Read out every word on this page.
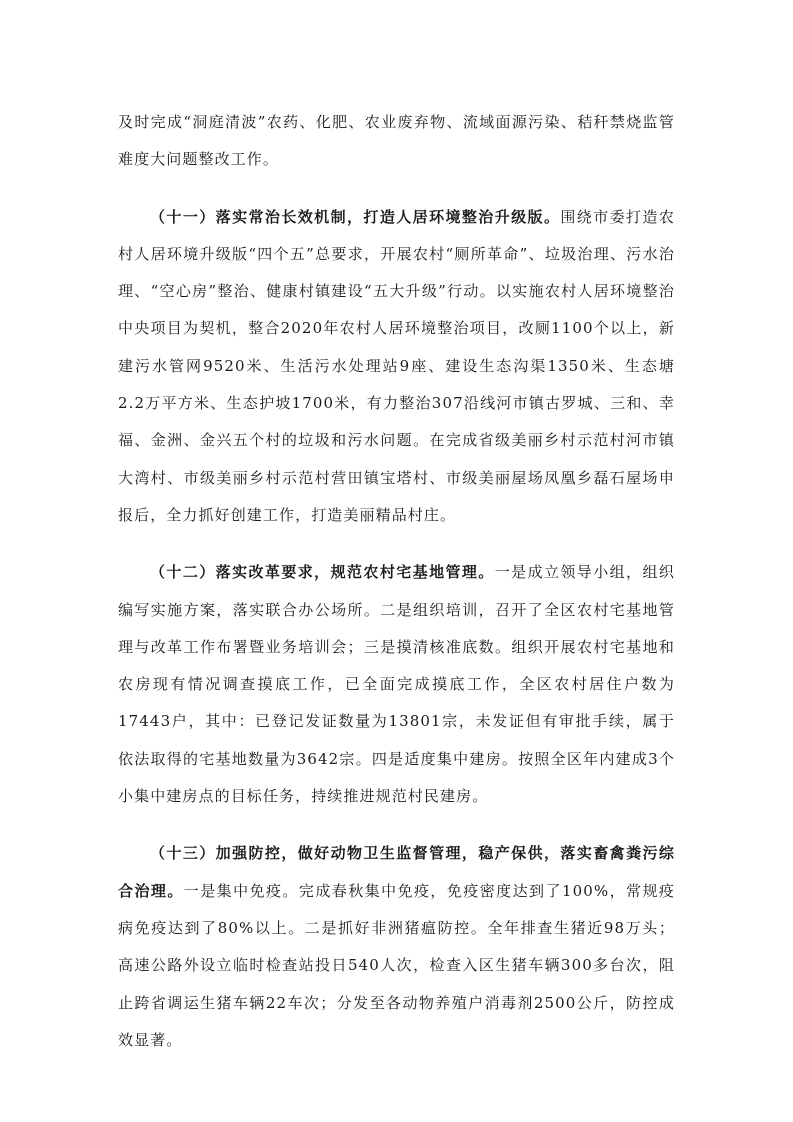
及时完成“洞庭清波”农药、化肥、农业废弃物、流域面源污染、秸秆禁烧监管难度大问题整改工作。

（十一）落实常治长效机制，打造人居环境整治升级版。围绕市委打造农村人居环境升级版“四个五”总要求，开展农村“厕所革命”、垃圾治理、污水治理、“空心房”整治、健康村镇建设“五大升级”行动。以实施农村人居环境整治中央项目为契机，整合2020年农村人居环境整治项目，改厕1100个以上，新建污水管网9520米、生活污水处理站9座、建设生态沟渠1350米、生态塘2.2万平方米、生态护坡1700米，有力整治307沿线河市镇古罗城、三和、幸福、金洲、金兴五个村的垃圾和污水问题。在完成省级美丽乡村示范村河市镇大湾村、市级美丽乡村示范村营田镇宝塔村、市级美丽屋场凤凰乡磊石屋场申报后，全力抓好创建工作，打造美丽精品村庄。

（十二）落实改革要求，规范农村宅基地管理。一是成立领导小组，组织编写实施方案，落实联合办公场所。二是组织培训，召开了全区农村宅基地管理与改革工作布署暨业务培训会；三是摸清核准底数。组织开展农村宅基地和农房现有情况调查摸底工作，已全面完成摸底工作，全区农村居住户数为17443户，其中：已登记发证数量为13801宗，未发证但有审批手续，属于依法取得的宅基地数量为3642宗。四是适度集中建房。按照全区年内建成3个小集中建房点的目标任务，持续推进规范村民建房。

（十三）加强防控，做好动物卫生监督管理，稳产保供，落实畜禽粪污综合治理。一是集中免疫。完成春秋集中免疫，免疫密度达到了100%，常规疫病免疫达到了80%以上。二是抓好非洲猪瘟防控。全年排查生猪近98万头；高速公路外设立临时检查站投日540人次，检查入区生猪车辆300多台次，阻止跨省调运生猪车辆22车次；分发至各动物养殖户消毒剂2500公斤，防控成效显著。
